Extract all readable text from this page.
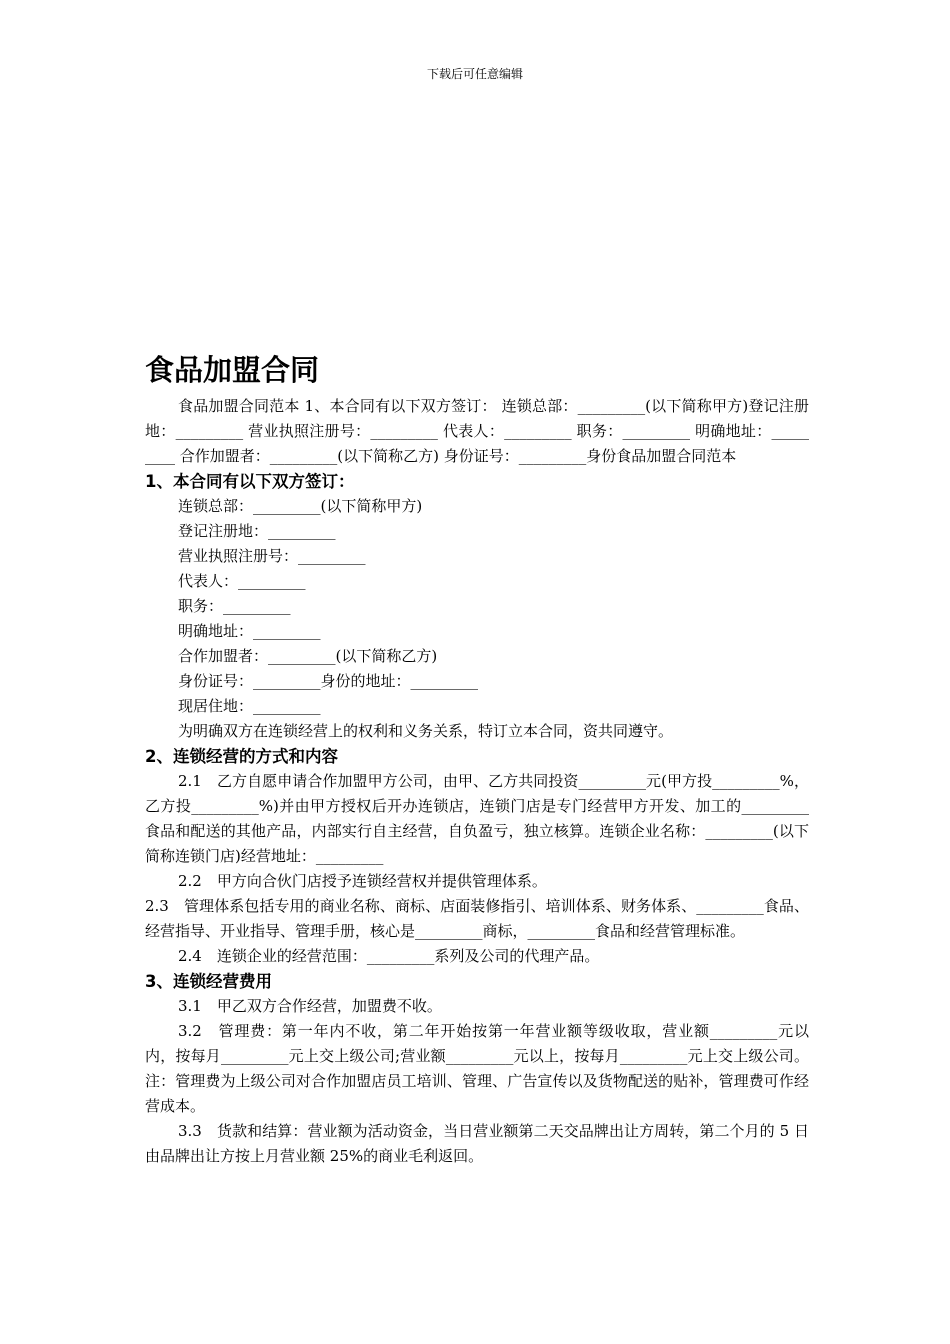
下载后可任意编辑
食品加盟合同

食品加盟合同范本 1、本合同有以下双方签订： 连锁总部：_________(以下简称甲方)登记注册地：_________ 营业执照注册号：_________ 代表人：_________ 职务：_________ 明确地址：_________ 合作加盟者：_________(以下简称乙方) 身份证号：_________身份食品加盟合同范本

1、本合同有以下双方签订：

连锁总部：_________(以下简称甲方)

登记注册地：_________

营业执照注册号：_________

代表人：_________

职务：_________

明确地址：_________

合作加盟者：_________(以下简称乙方)

身份证号：_________身份的地址：_________

现居住地：_________

为明确双方在连锁经营上的权利和义务关系，特订立本合同，资共同遵守。

2、连锁经营的方式和内容

2.1　乙方自愿申请合作加盟甲方公司，由甲、乙方共同投资_________元(甲方投_________%，乙方投_________%)并由甲方授权后开办连锁店，连锁门店是专门经营甲方开发、加工的_________食品和配送的其他产品，内部实行自主经营，自负盈亏，独立核算。连锁企业名称：_________(以下简称连锁门店)经营地址：_________

2.2　甲方向合伙门店授予连锁经营权并提供管理体系。

2.3　管理体系包括专用的商业名称、商标、店面装修指引、培训体系、财务体系、_________食品、经营指导、开业指导、管理手册，核心是_________商标，_________食品和经营管理标准。

2.4　连锁企业的经营范围：_________系列及公司的代理产品。

3、连锁经营费用

3.1　甲乙双方合作经营，加盟费不收。

3.2　管理费：第一年内不收，第二年开始按第一年营业额等级收取，营业额_________元以内，按每月_________元上交上级公司;营业额_________元以上，按每月_________元上交上级公司。注：管理费为上级公司对合作加盟店员工培训、管理、广告宣传以及货物配送的贴补，管理费可作经营成本。

3.3　货款和结算：营业额为活动资金，当日营业额第二天交品牌出让方周转，第二个月的 5 日由品牌出让方按上月营业额 25%的商业毛利返回。
